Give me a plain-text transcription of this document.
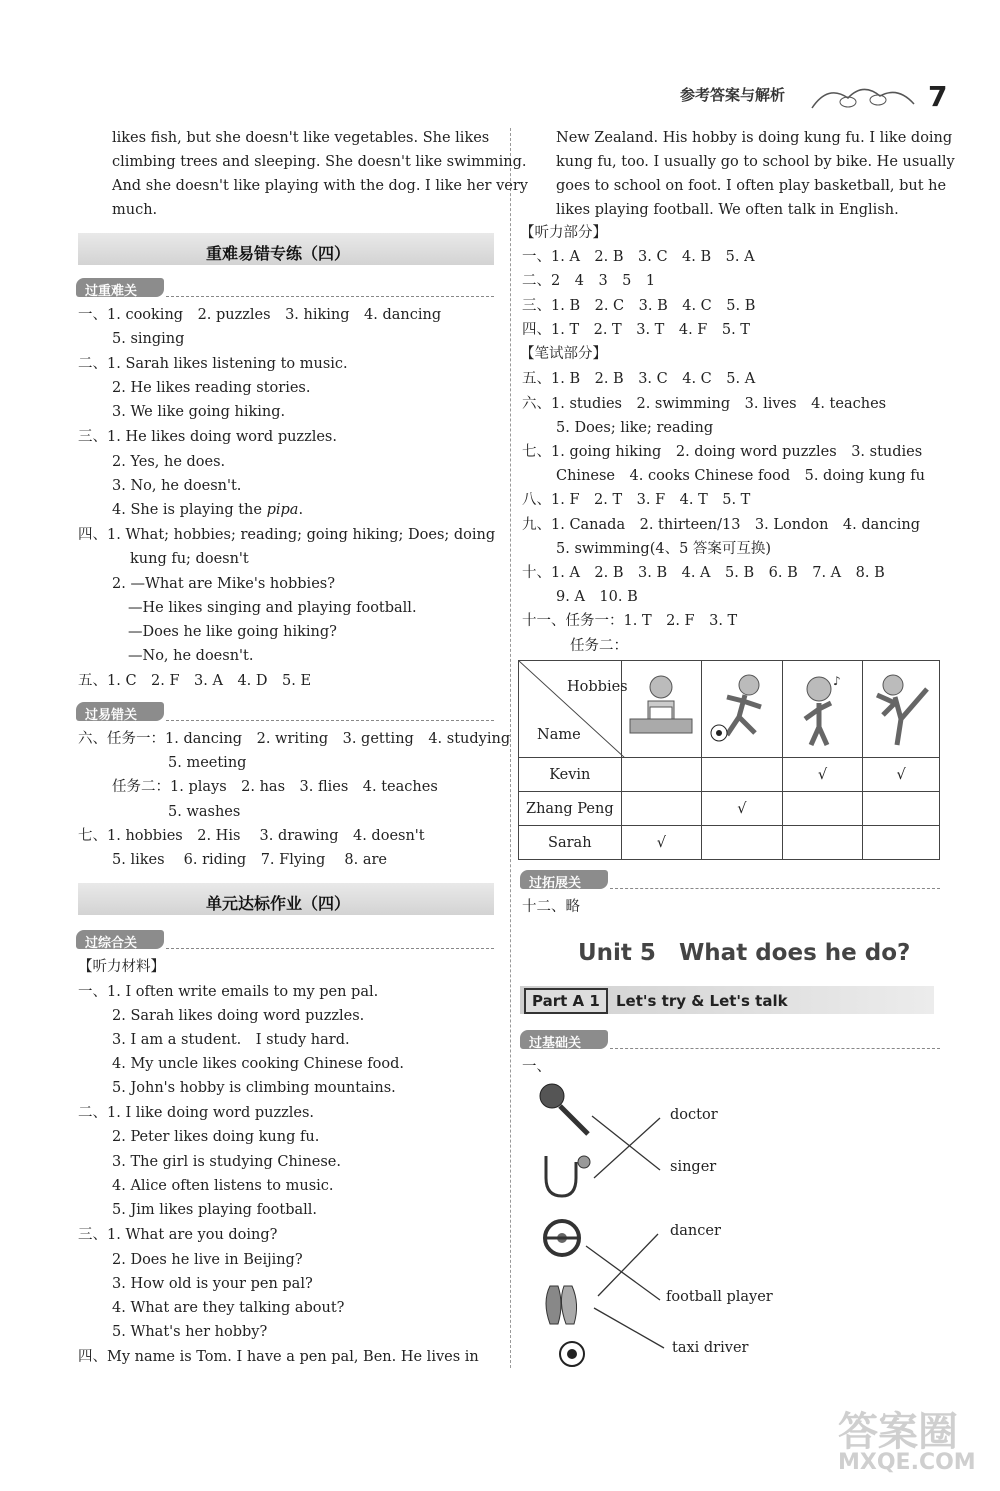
参考答案与解析	7
likes fish, but she doesn't like vegetables. She likes
climbing trees and sleeping. She doesn't like swimming.
And she doesn't like playing with the dog. I like her very
much.
重难易错专练（四）
过重难关
一、1. cooking　2. puzzles　3. hiking　4. dancing
5. singing
二、1. Sarah likes listening to music.
2. He likes reading stories.
3. We like going hiking.
三、1. He likes doing word puzzles.
2. Yes, he does.
3. No, he doesn't.
4. She is playing the pipa.
四、1. What; hobbies; reading; going hiking; Does; doing
kung fu; doesn't
2. —What are Mike's hobbies?
—He likes singing and playing football.
—Does he like going hiking?
—No, he doesn't.
五、1. C　2. F　3. A　4. D　5. E
过易错关
六、任务一：1. dancing　2. writing　3. getting　4. studying
5. meeting
任务二：1. plays　2. has　3. flies　4. teaches
5. washes
七、1. hobbies　2. His　 3. drawing　4. doesn't
5. likes　 6. riding　7. Flying　 8. are
单元达标作业（四）
过综合关
【听力材料】
一、1. I often write emails to my pen pal.
2. Sarah likes doing word puzzles.
3. I am a student.　I study hard.
4. My uncle likes cooking Chinese food.
5. John's hobby is climbing mountains.
二、1. I like doing word puzzles.
2. Peter likes doing kung fu.
3. The girl is studying Chinese.
4. Alice often listens to music.
5. Jim likes playing football.
三、1. What are you doing?
2. Does he live in Beijing?
3. How old is your pen pal?
4. What are they talking about?
5. What's her hobby?
四、My name is Tom. I have a pen pal, Ben. He lives in
New Zealand. His hobby is doing kung fu. I like doing
kung fu, too. I usually go to school by bike. He usually
goes to school on foot. I often play basketball, but he
likes playing football. We often talk in English.
【听力部分】
一、1. A　2. B　3. C　4. B　5. A
二、2　4　3　5　1
三、1. B　2. C　3. B　4. C　5. B
四、1. T　2. T　3. T　4. F　5. T
【笔试部分】
五、1. B　2. B　3. C　4. C　5. A
六、1. studies　2. swimming　3. lives　4. teaches
5. Does; like; reading
七、1. going hiking　2. doing word puzzles　3. studies
Chinese　4. cooks Chinese food　5. doing kung fu
八、1. F　2. T　3. F　4. T　5. T
九、1. Canada　2. thirteen/13　3. London　4. dancing
5. swimming(4、5 答案可互换)
十、1. A　2. B　3. B　4. A　5. B　6. B　7. A　8. B
9. A　10. B
十一、任务一：1. T　2. F　3. T
任务二：
Hobbies
Name			♪

Kevin			√	√
Zhang Peng		√		
Sarah	√			
过拓展关
十二、略
Unit 5　What does he do?
Part A 1	Let's try & Let's talk
过基础关
一、
doctor
singer
dancer
football player
taxi driver
答案圈
MXQE.COM
